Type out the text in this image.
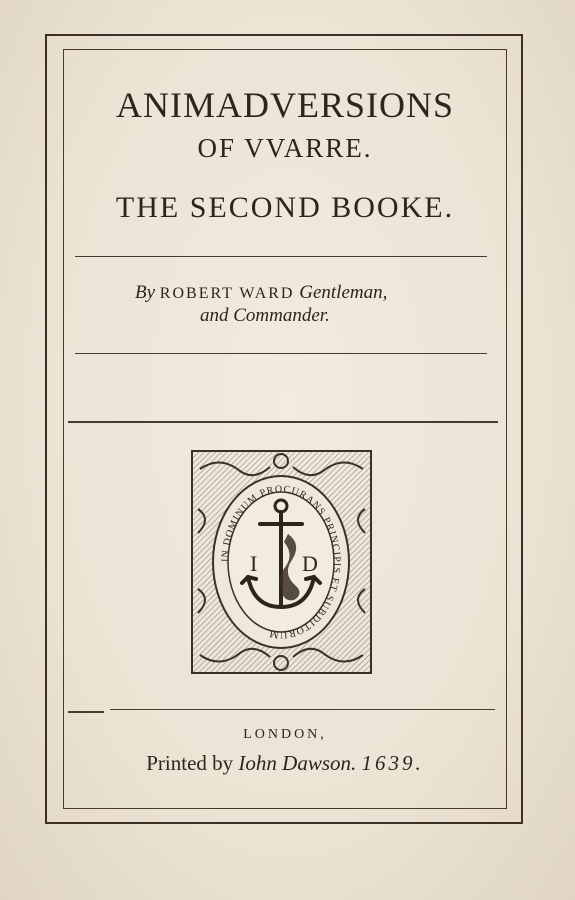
ANIMADVERSIONS
OF VVARRE.
THE SECOND BOOKE.
By ROBERT WARD Gentleman,
and Commander.
IN DOMINUM PROCURANS PRINCIPIS ET SUBDITORUM
I D
LONDON,
Printed by Iohn Dawson. 1639.
